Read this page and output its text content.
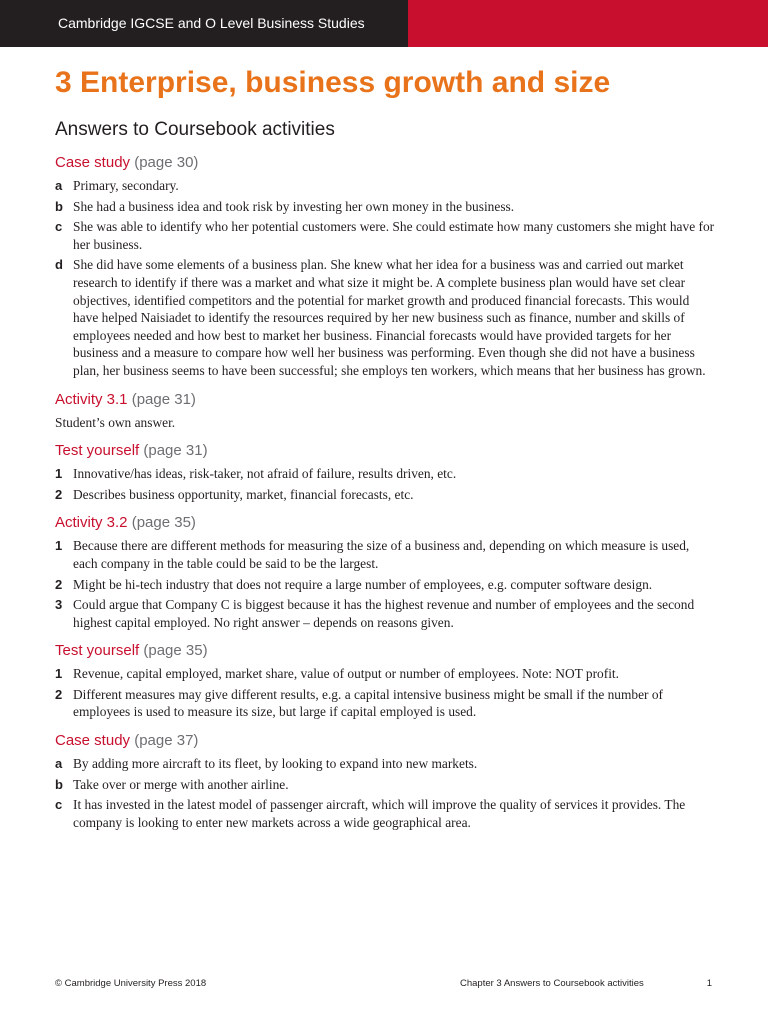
Cambridge IGCSE and O Level Business Studies
3 Enterprise, business growth and size
Answers to Coursebook activities
Case study (page 30)
a Primary, secondary.
b She had a business idea and took risk by investing her own money in the business.
c She was able to identify who her potential customers were. She could estimate how many customers she might have for her business.
d She did have some elements of a business plan. She knew what her idea for a business was and carried out market research to identify if there was a market and what size it might be. A complete business plan would have set clear objectives, identified competitors and the potential for market growth and produced financial forecasts. This would have helped Naisiadet to identify the resources required by her new business such as finance, number and skills of employees needed and how best to market her business. Financial forecasts would have provided targets for her business and a measure to compare how well her business was performing. Even though she did not have a business plan, her business seems to have been successful; she employs ten workers, which means that her business has grown.
Activity 3.1 (page 31)

Student’s own answer.

Test yourself (page 31)
1 Innovative/has ideas, risk-taker, not afraid of failure, results driven, etc.
2 Describes business opportunity, market, financial forecasts, etc.
Activity 3.2 (page 35)
1 Because there are different methods for measuring the size of a business and, depending on which measure is used, each company in the table could be said to be the largest.
2 Might be hi-tech industry that does not require a large number of employees, e.g. computer software design.
3 Could argue that Company C is biggest because it has the highest revenue and number of employees and the second highest capital employed. No right answer – depends on reasons given.
Test yourself (page 35)
1 Revenue, capital employed, market share, value of output or number of employees. Note: NOT profit.
2 Different measures may give different results, e.g. a capital intensive business might be small if the number of employees is used to measure its size, but large if capital employed is used.
Case study (page 37)
a By adding more aircraft to its fleet, by looking to expand into new markets.
b Take over or merge with another airline.
c It has invested in the latest model of passenger aircraft, which will improve the quality of services it provides. The company is looking to enter new markets across a wide geographical area.
© Cambridge University Press 2018	Chapter 3 Answers to Coursebook activities	1
